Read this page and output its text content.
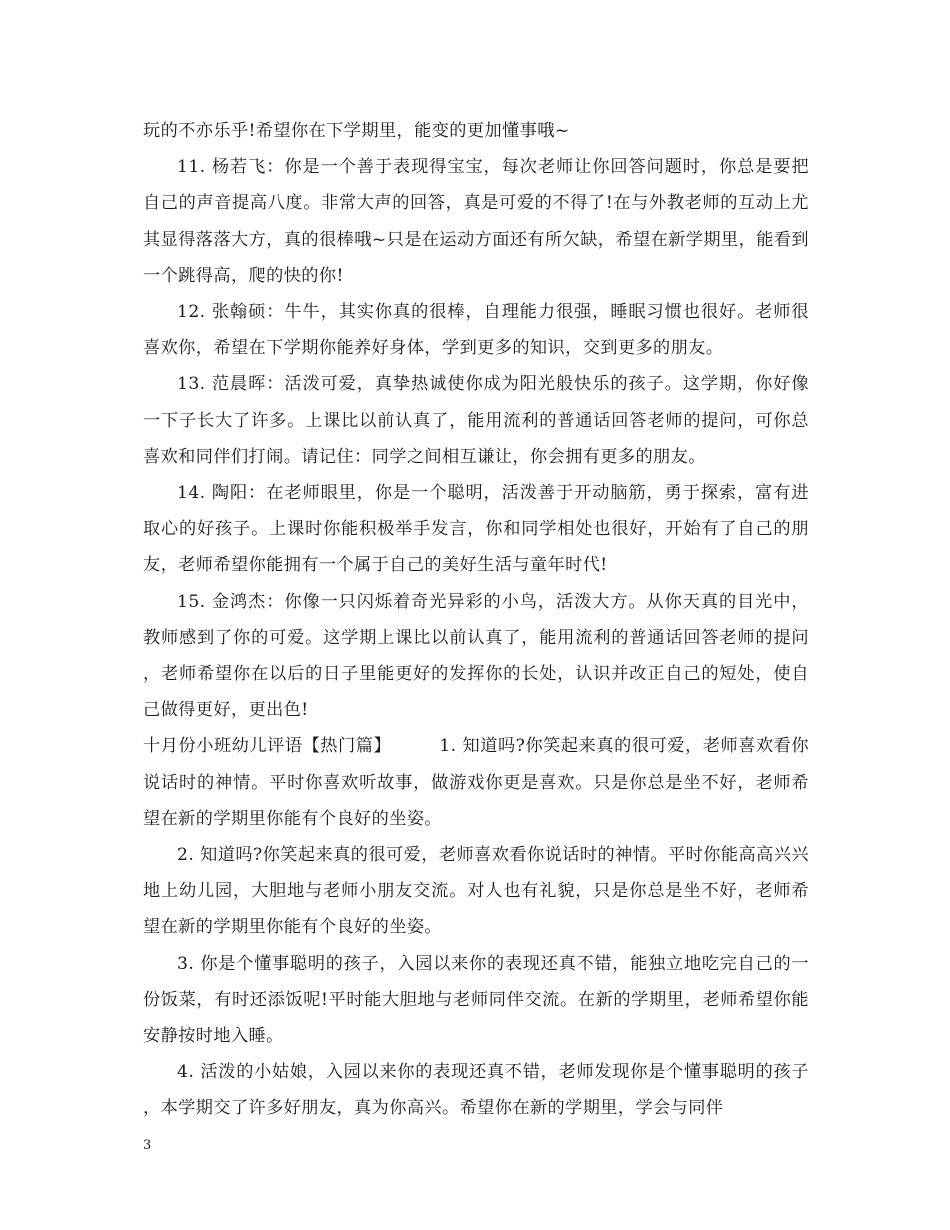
玩的不亦乐乎!希望你在下学期里，能变的更加懂事哦~

11. 杨若飞：你是一个善于表现得宝宝，每次老师让你回答问题时，你总是要把自己的声音提高八度。非常大声的回答，真是可爱的不得了!在与外教老师的互动上尤其显得落落大方，真的很棒哦~只是在运动方面还有所欠缺，希望在新学期里，能看到一个跳得高，爬的快的你!

12. 张翰硕：牛牛，其实你真的很棒，自理能力很强，睡眠习惯也很好。老师很喜欢你，希望在下学期你能养好身体，学到更多的知识，交到更多的朋友。

13. 范晨晖：活泼可爱，真挚热诚使你成为阳光般快乐的孩子。这学期，你好像一下子长大了许多。上课比以前认真了，能用流利的普通话回答老师的提问，可你总喜欢和同伴们打闹。请记住：同学之间相互谦让，你会拥有更多的朋友。

14. 陶阳：在老师眼里，你是一个聪明，活泼善于开动脑筋，勇于探索，富有进取心的好孩子。上课时你能积极举手发言，你和同学相处也很好，开始有了自己的朋友，老师希望你能拥有一个属于自己的美好生活与童年时代!

15. 金鸿杰：你像一只闪烁着奇光异彩的小鸟，活泼大方。从你天真的目光中，教师感到了你的可爱。这学期上课比以前认真了，能用流利的普通话回答老师的提问，老师希望你在以后的日子里能更好的发挥你的长处，认识并改正自己的短处，使自己做得更好，更出色!

十月份小班幼儿评语【热门篇】        1. 知道吗?你笑起来真的很可爱，老师喜欢看你说话时的神情。平时你喜欢听故事，做游戏你更是喜欢。只是你总是坐不好，老师希望在新的学期里你能有个良好的坐姿。

2. 知道吗?你笑起来真的很可爱，老师喜欢看你说话时的神情。平时你能高高兴兴地上幼儿园，大胆地与老师小朋友交流。对人也有礼貌，只是你总是坐不好，老师希望在新的学期里你能有个良好的坐姿。

3. 你是个懂事聪明的孩子，入园以来你的表现还真不错，能独立地吃完自己的一份饭菜，有时还添饭呢!平时能大胆地与老师同伴交流。在新的学期里，老师希望你能安静按时地入睡。

4. 活泼的小姑娘，入园以来你的表现还真不错，老师发现你是个懂事聪明的孩子，本学期交了许多好朋友，真为你高兴。希望你在新的学期里，学会与同伴

3
